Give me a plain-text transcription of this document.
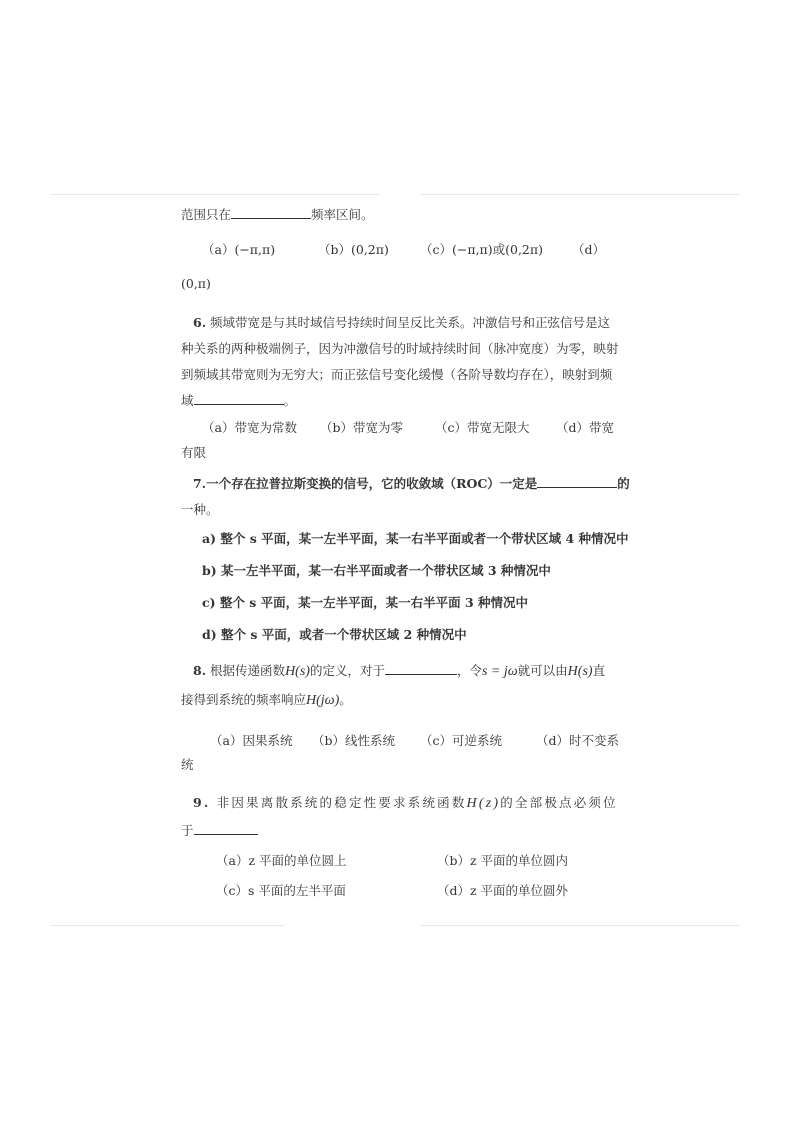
范围只在	频率区间。
（a）(−π,π)	（b）(0,2π) （c）(−π,π)或(0,2π) （d）
(0,π)
6. 频域带宽是与其时域信号持续时间呈反比关系。冲激信号和正弦信号是这
种关系的两种极端例子，因为冲激信号的时域持续时间（脉冲宽度）为零，映射
到频域其带宽则为无穷大；而正弦信号变化缓慢（各阶导数均存在），映射到频
域	。
（a）带宽为常数 （b）带宽为零	（c）带宽无限大 （d）带宽
有限
7.一个存在拉普拉斯变换的信号，它的收敛域（ROC）一定是	的
一种。
a) 整个 s 平面，某一左半平面，某一右半平面或者一个带状区域 4 种情况中
b) 某一左半平面，某一右半平面或者一个带状区域 3 种情况中
c) 整个 s 平面，某一左半平面，某一右半平面 3 种情况中
d) 整个 s 平面，或者一个带状区域 2 种情况中
8. 根据传递函数H(s)的定义，对于	，令s = jω就可以由H(s)直
接得到系统的频率响应H(jω)。
（a）因果系统 （b）线性系统 （c）可逆系统	（d）时不变系
统
9. 非因果离散系统的稳定性要求系统函数H(z)的全部极点必须位
于
（a）z 平面的单位圆上	（b）z 平面的单位圆内
（c）s 平面的左半平面	（d）z 平面的单位圆外
